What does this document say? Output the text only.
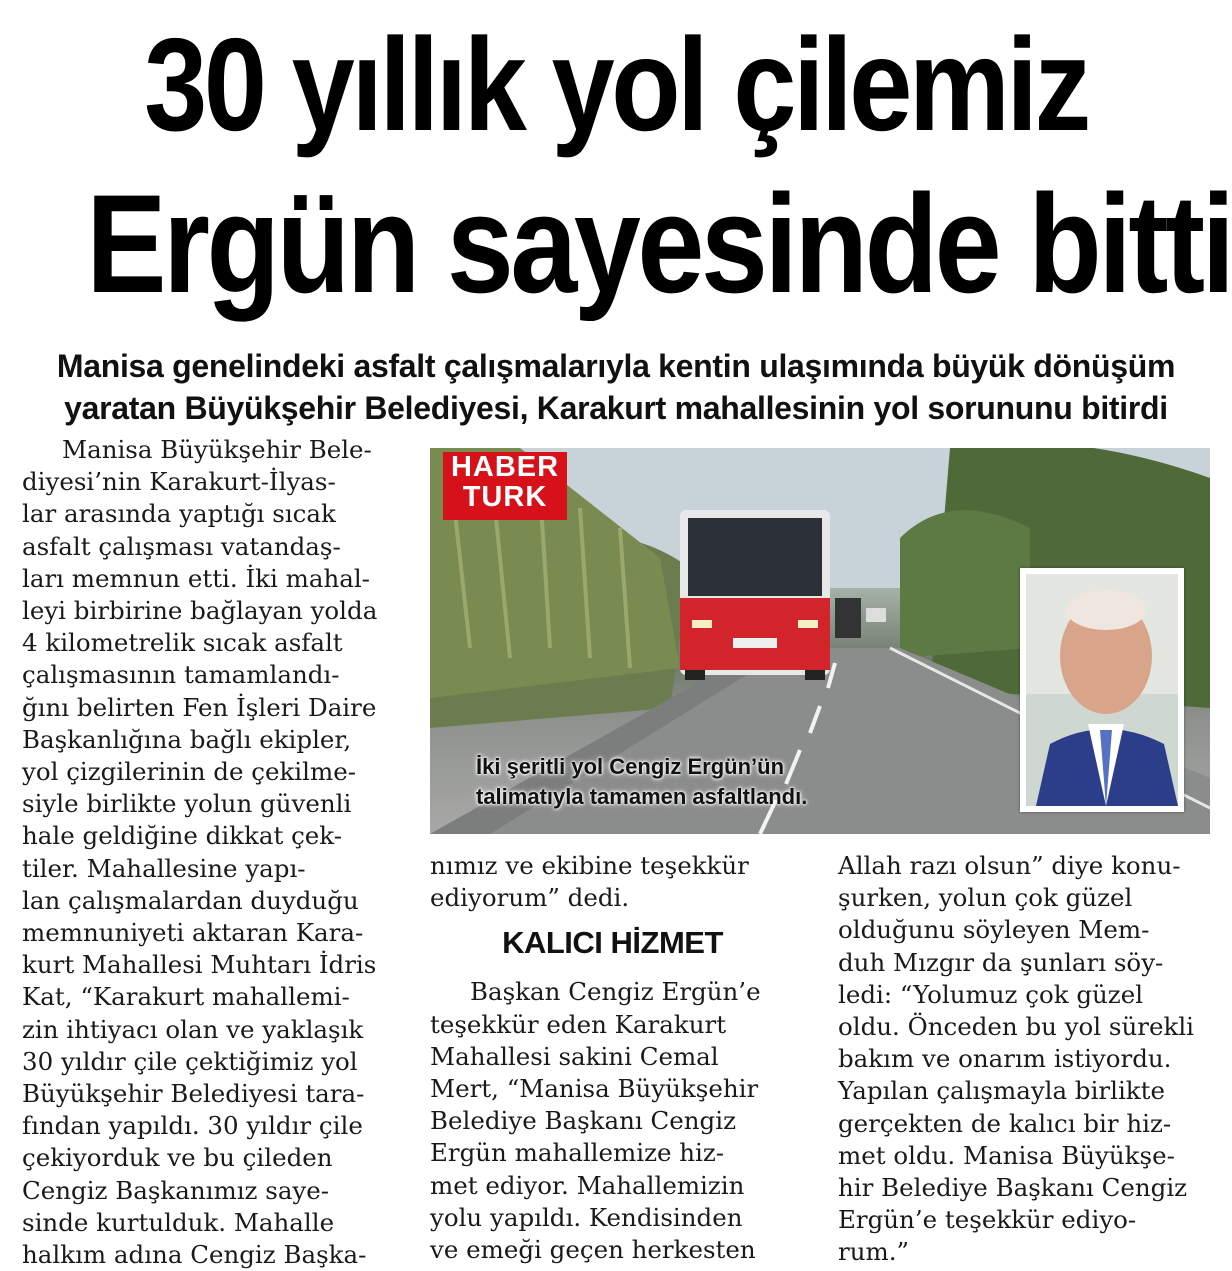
30 yıllık yol çilemiz
Ergün sayesinde bitti
Manisa genelindeki asfalt çalışmalarıyla kentin ulaşımında büyük dönüşüm
yaratan Büyükşehir Belediyesi, Karakurt mahallesinin yol sorununu bitirdi

Manisa Büyükşehir Bele-
diyesi’nin Karakurt-İlyas-
lar arasında yaptığı sıcak
asfalt çalışması vatandaş-
ları memnun etti. İki mahal-
leyi birbirine bağlayan yolda
4 kilometrelik sıcak asfalt
çalışmasının tamamlandı-
ğını belirten Fen İşleri Daire
Başkanlığına bağlı ekipler,
yol çizgilerinin de çekilme-
siyle birlikte yolun güvenli
hale geldiğine dikkat çek-
tiler. Mahallesine yapı-
lan çalışmalardan duyduğu
memnuniyeti aktaran Kara-
kurt Mahallesi Muhtarı İdris
Kat, “Karakurt mahallemi-
zin ihtiyacı olan ve yaklaşık
30 yıldır çile çektiğimiz yol
Büyükşehir Belediyesi tara-
fından yapıldı. 30 yıldır çile
çekiyorduk ve bu çileden
Cengiz Başkanımız saye-
sinde kurtulduk. Mahalle
halkım adına Cengiz Başka-

HABER
TURK
İki şeritli yol Cengiz Ergün’ün
talimatıyla tamamen asfaltlandı.

nımız ve ekibine teşekkür
ediyorum” dedi.

KALICI HİZMET

Başkan Cengiz Ergün’e
teşekkür eden Karakurt
Mahallesi sakini Cemal
Mert, “Manisa Büyükşehir
Belediye Başkanı Cengiz
Ergün mahallemize hiz-
met ediyor. Mahallemizin
yolu yapıldı. Kendisinden
ve emeği geçen herkesten

Allah razı olsun” diye konu-
şurken, yolun çok güzel
olduğunu söyleyen Mem-
duh Mızgır da şunları söy-
ledi: “Yolumuz çok güzel
oldu. Önceden bu yol sürekli
bakım ve onarım istiyordu.
Yapılan çalışmayla birlikte
gerçekten de kalıcı bir hiz-
met oldu. Manisa Büyükşe-
hir Belediye Başkanı Cengiz
Ergün’e teşekkür ediyo-
rum.”
